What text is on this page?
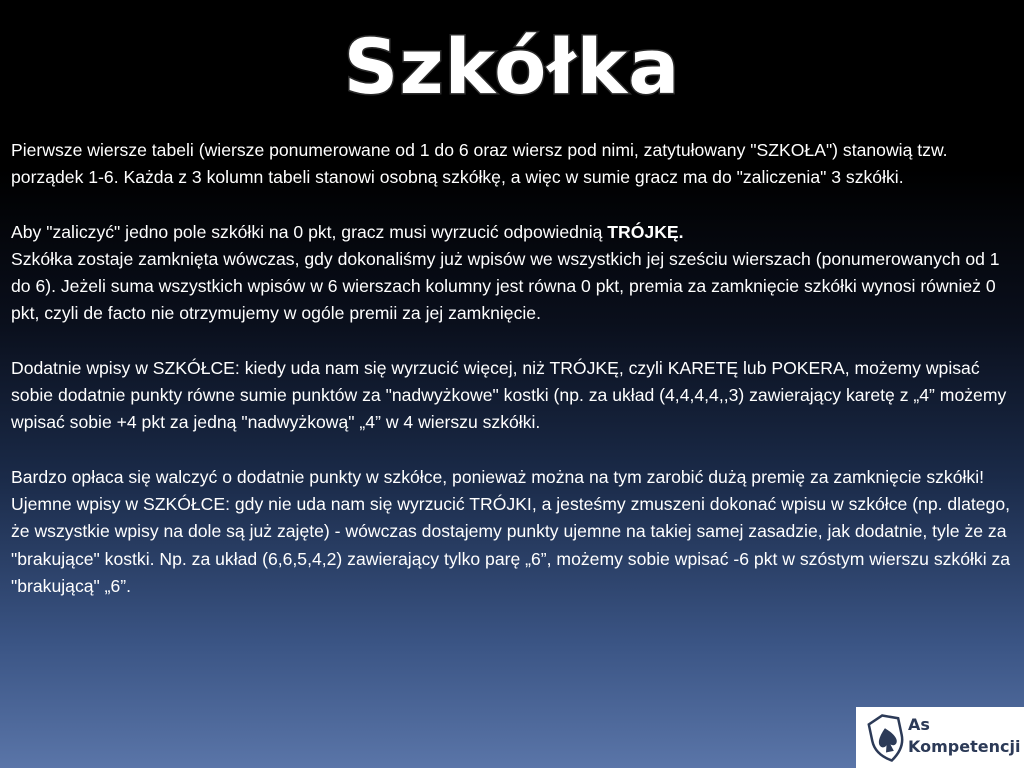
Szkółka

Pierwsze wiersze tabeli (wiersze ponumerowane od 1 do 6 oraz wiersz pod nimi, zatytułowany "SZKOŁA") stanowią tzw. porządek 1-6. Każda z 3 kolumn tabeli stanowi osobną szkółkę, a więc w sumie gracz ma do "zaliczenia" 3 szkółki.

Aby "zaliczyć" jedno pole szkółki na 0 pkt, gracz musi wyrzucić odpowiednią TRÓJKĘ.

Szkółka zostaje zamknięta wówczas, gdy dokonaliśmy już wpisów we wszystkich jej sześciu wierszach (ponumerowanych od 1 do 6). Jeżeli suma wszystkich wpisów w 6 wierszach kolumny jest równa 0 pkt, premia za zamknięcie szkółki wynosi również 0 pkt, czyli de facto nie otrzymujemy w ogóle premii za jej zamknięcie.

Dodatnie wpisy w SZKÓŁCE: kiedy uda nam się wyrzucić więcej, niż TRÓJKĘ, czyli KARETĘ lub POKERA, możemy wpisać sobie dodatnie punkty równe sumie punktów za "nadwyżkowe" kostki (np. za układ (4,4,4,4,,3) zawierający karetę z „4” możemy wpisać sobie +4 pkt za jedną "nadwyżkową" „4” w 4 wierszu szkółki.

Bardzo opłaca się walczyć o dodatnie punkty w szkółce, ponieważ można na tym zarobić dużą premię za zamknięcie szkółki!

Ujemne wpisy w SZKÓŁCE: gdy nie uda nam się wyrzucić TRÓJKI, a jesteśmy zmuszeni dokonać wpisu w szkółce (np. dlatego, że wszystkie wpisy na dole są już zajęte) - wówczas dostajemy punkty ujemne na takiej samej zasadzie, jak dodatnie, tyle że za "brakujące" kostki. Np. za układ (6,6,5,4,2) zawierający tylko parę „6”, możemy sobie wpisać -6 pkt w szóstym wierszu szkółki za "brakującą" „6”.

As
Kompetencji
